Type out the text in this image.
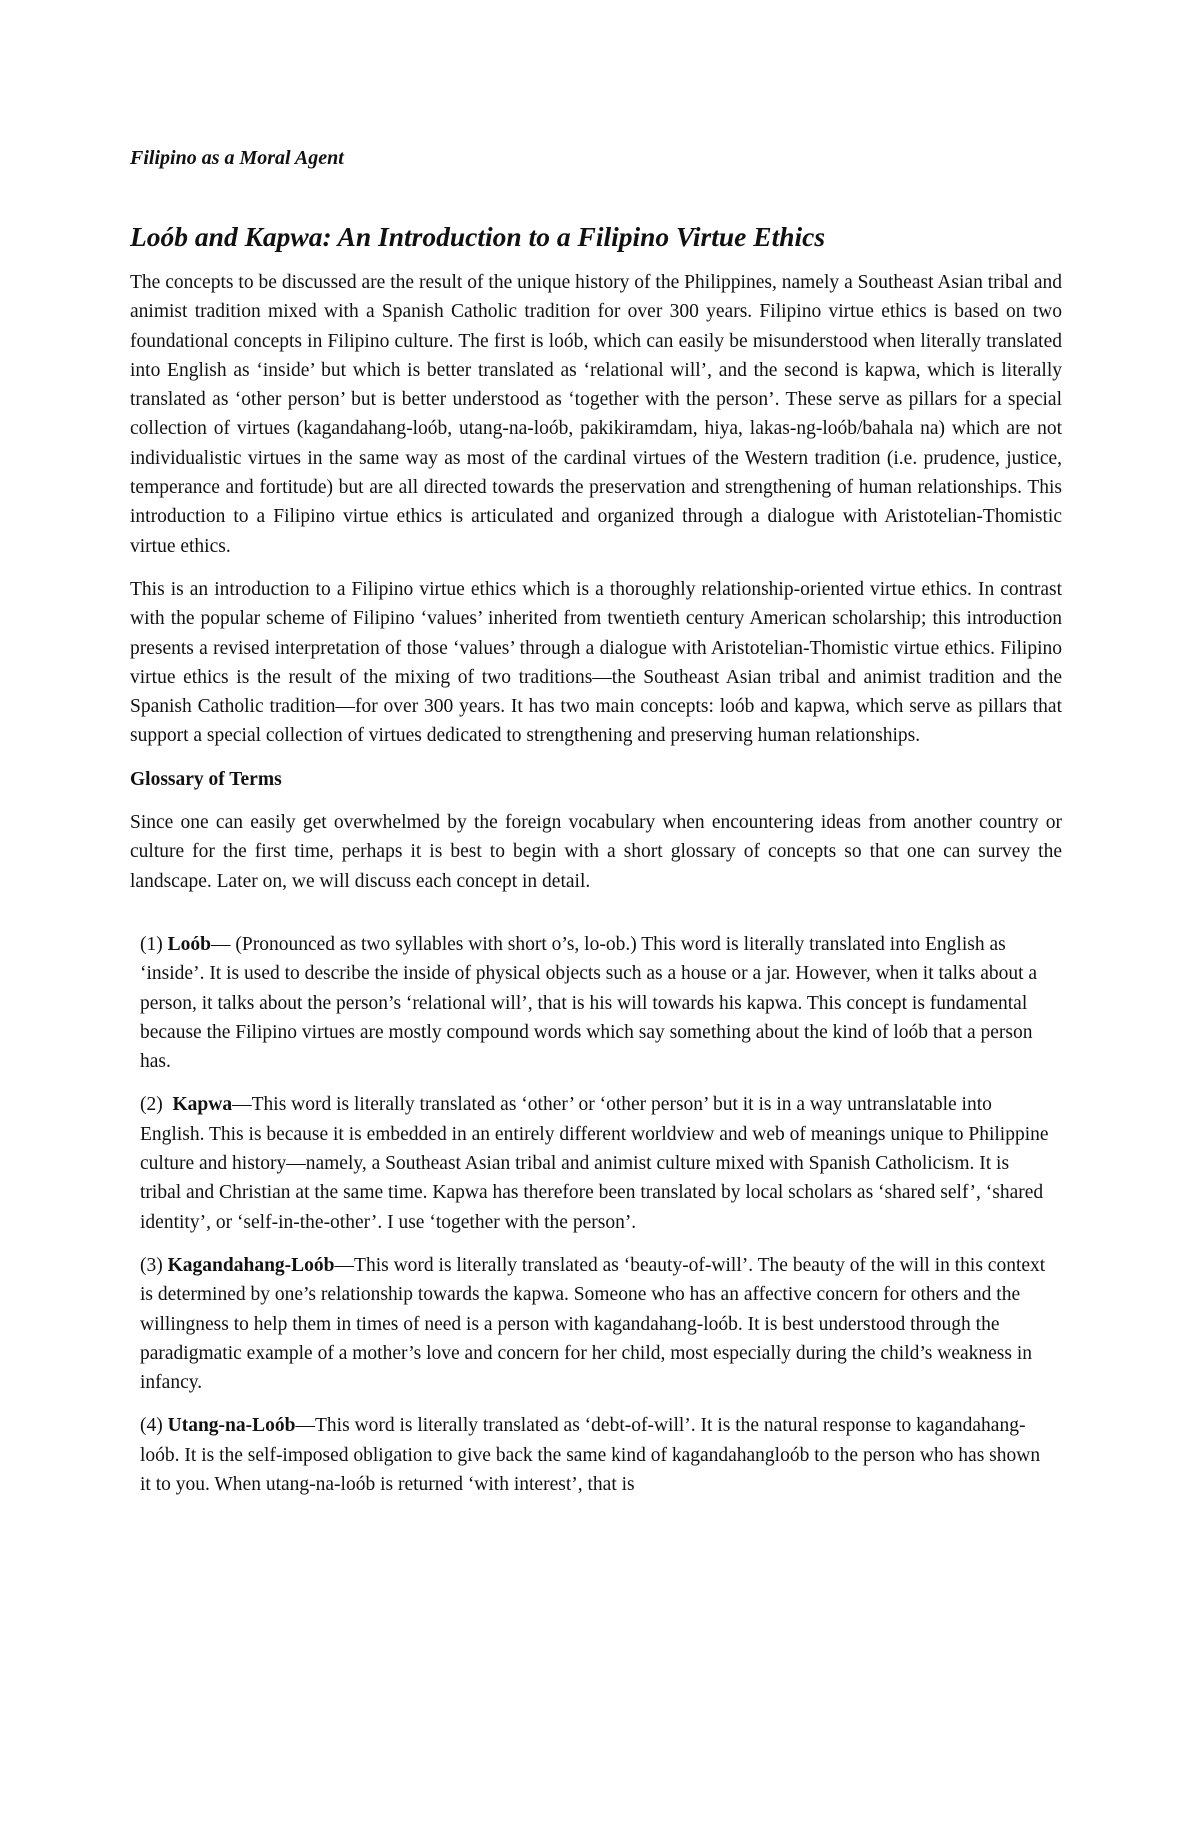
Filipino as a Moral Agent
Loób and Kapwa: An Introduction to a Filipino Virtue Ethics

The concepts to be discussed are the result of the unique history of the Philippines, namely a Southeast Asian tribal and animist tradition mixed with a Spanish Catholic tradition for over 300 years. Filipino virtue ethics is based on two foundational concepts in Filipino culture. The first is loób, which can easily be misunderstood when literally translated into English as ‘inside’ but which is better translated as ‘relational will’, and the second is kapwa, which is literally translated as ‘other person’ but is better understood as ‘together with the person’. These serve as pillars for a special collection of virtues (kagandahang-loób, utang-na-loób, pakikiramdam, hiya, lakas-ng-loób/bahala na) which are not individualistic virtues in the same way as most of the cardinal virtues of the Western tradition (i.e. prudence, justice, temperance and fortitude) but are all directed towards the preservation and strengthening of human relationships. This introduction to a Filipino virtue ethics is articulated and organized through a dialogue with Aristotelian-Thomistic virtue ethics.

This is an introduction to a Filipino virtue ethics which is a thoroughly relationship-oriented virtue ethics. In contrast with the popular scheme of Filipino ‘values’ inherited from twentieth century American scholarship; this introduction presents a revised interpretation of those ‘values’ through a dialogue with Aristotelian-Thomistic virtue ethics. Filipino virtue ethics is the result of the mixing of two traditions—the Southeast Asian tribal and animist tradition and the Spanish Catholic tradition—for over 300 years. It has two main concepts: loób and kapwa, which serve as pillars that support a special collection of virtues dedicated to strengthening and preserving human relationships.

Glossary of Terms

Since one can easily get overwhelmed by the foreign vocabulary when encountering ideas from another country or culture for the first time, perhaps it is best to begin with a short glossary of concepts so that one can survey the landscape. Later on, we will discuss each concept in detail.

(1) Loób— (Pronounced as two syllables with short o’s, lo-ob.) This word is literally translated into English as ‘inside’. It is used to describe the inside of physical objects such as a house or a jar. However, when it talks about a person, it talks about the person’s ‘relational will’, that is his will towards his kapwa. This concept is fundamental because the Filipino virtues are mostly compound words which say something about the kind of loób that a person has.

(2)  Kapwa—This word is literally translated as ‘other’ or ‘other person’ but it is in a way untranslatable into English. This is because it is embedded in an entirely different worldview and web of meanings unique to Philippine culture and history—namely, a Southeast Asian tribal and animist culture mixed with Spanish Catholicism. It is tribal and Christian at the same time. Kapwa has therefore been translated by local scholars as ‘shared self’, ‘shared identity’, or ‘self-in-the-other’. I use ‘together with the person’.

(3) Kagandahang-Loób—This word is literally translated as ‘beauty-of-will’. The beauty of the will in this context is determined by one’s relationship towards the kapwa. Someone who has an affective concern for others and the willingness to help them in times of need is a person with kagandahang-loób. It is best understood through the paradigmatic example of a mother’s love and concern for her child, most especially during the child’s weakness in infancy.

(4) Utang-na-Loób—This word is literally translated as ‘debt-of-will’. It is the natural response to kagandahang-loób. It is the self-imposed obligation to give back the same kind of kagandahangloób to the person who has shown it to you. When utang-na-loób is returned ‘with interest’, that is
